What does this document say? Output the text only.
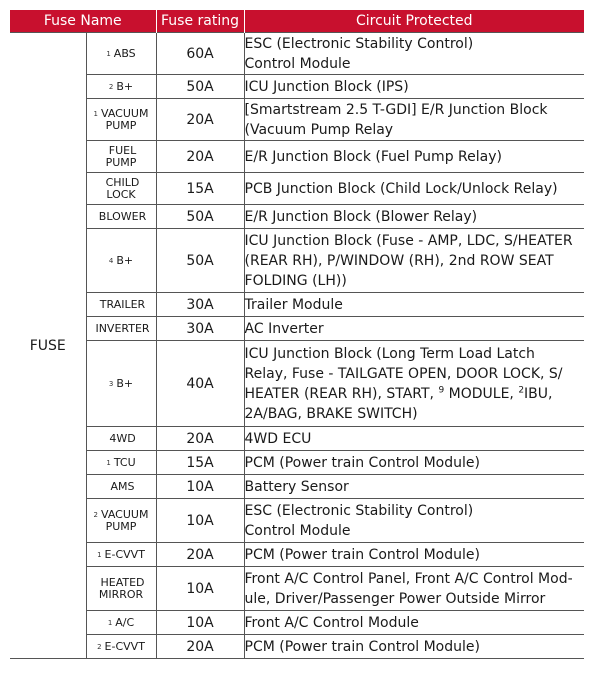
Fuse Name		Fuse rating	Circuit Protected
FUSE	$^1$ ABS	60A	ESC (Electronic Stability Control)
Control Module
	$^2$ B+	50A	ICU Junction Block (IPS)
	$^1$ VACUUM
PUMP	20A	[Smartstream 2.5 T-GDI] E/R Junction Block
(Vacuum Pump Relay
	FUEL
PUMP	20A	E/R Junction Block (Fuel Pump Relay)
	CHILD
LOCK	15A	PCB Junction Block (Child Lock/Unlock Relay)
	BLOWER	50A	E/R Junction Block (Blower Relay)
	$^4$ B+	50A	ICU Junction Block (Fuse - AMP, LDC, S/HEATER
(REAR RH), P/WINDOW (RH), 2nd ROW SEAT
FOLDING (LH))
	TRAILER	30A	Trailer Module
	INVERTER	30A	AC Inverter
	$^3$ B+	40A	ICU Junction Block (Long Term Load Latch
Relay, Fuse - TAILGATE OPEN, DOOR LOCK, S/
HEATER (REAR RH), START, $^9$ MODULE, $^2$IBU,
2A/BAG, BRAKE SWITCH)
	4WD	20A	4WD ECU
	$^1$ TCU	15A	PCM (Power train Control Module)
	AMS	10A	Battery Sensor
	$^2$ VACUUM
PUMP	10A	ESC (Electronic Stability Control)
Control Module
	$^1$ E-CVVT	20A	PCM (Power train Control Module)
	HEATED
MIRROR	10A	Front A/C Control Panel, Front A/C Control Mod-
ule, Driver/Passenger Power Outside Mirror
	$^1$ A/C	10A	Front A/C Control Module
	$^2$ E-CVVT	20A	PCM (Power train Control Module)
